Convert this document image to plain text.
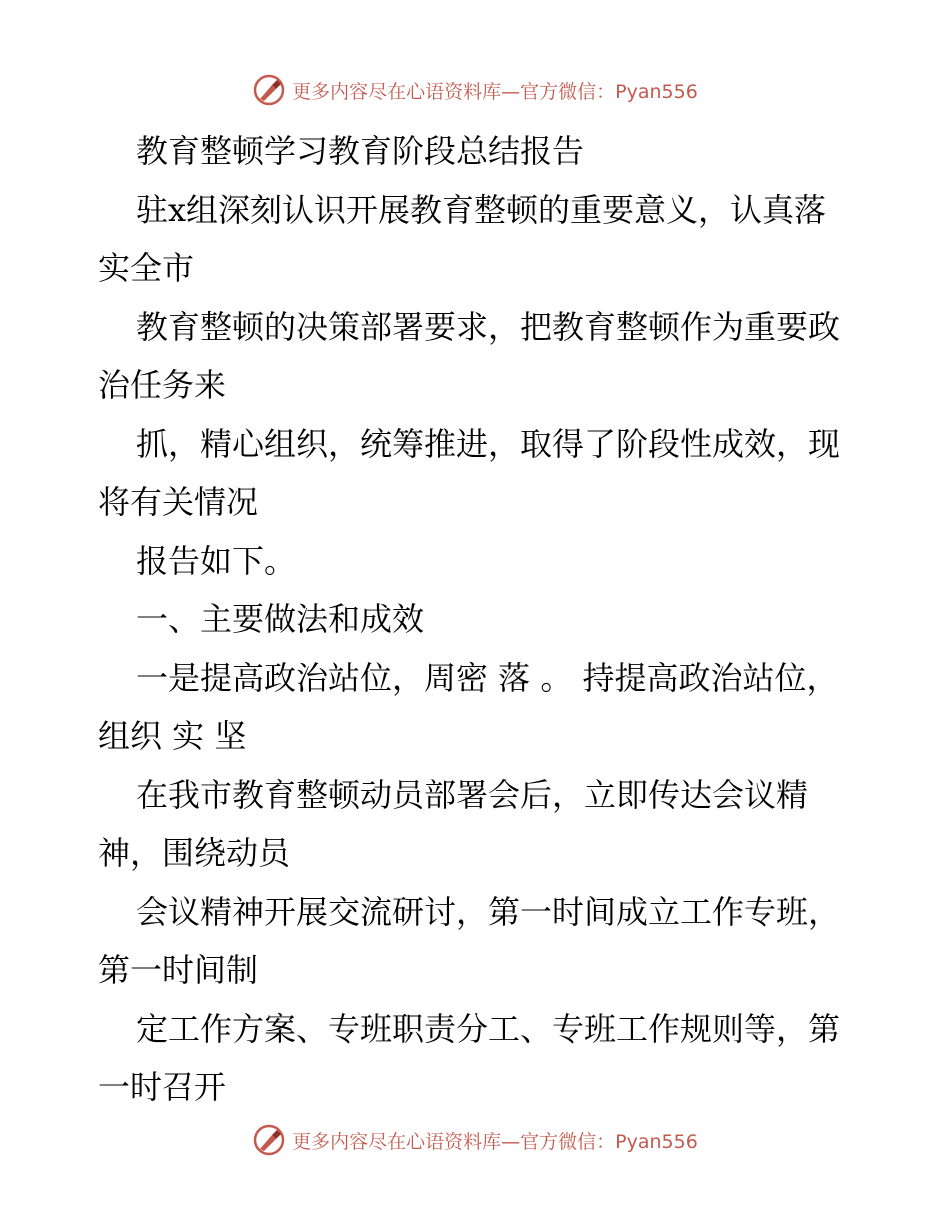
更多内容尽在心语资料库—官方微信：Pyan556

教育整顿学习教育阶段总结报告

驻x组深刻认识开展教育整顿的重要意义，认真落实全市

教育整顿的决策部署要求，把教育整顿作为重要政治任务来

抓，精心组织，统筹推进，取得了阶段性成效，现将有关情况

报告如下。

一、主要做法和成效

一是提高政治站位，周密 落 。 持提高政治站位，组织 实 坚

在我市教育整顿动员部署会后，立即传达会议精神，围绕动员

会议精神开展交流研讨，第一时间成立工作专班，第一时间制

定工作方案、专班职责分工、专班工作规则等，第一时召开

更多内容尽在心语资料库—官方微信：Pyan556
